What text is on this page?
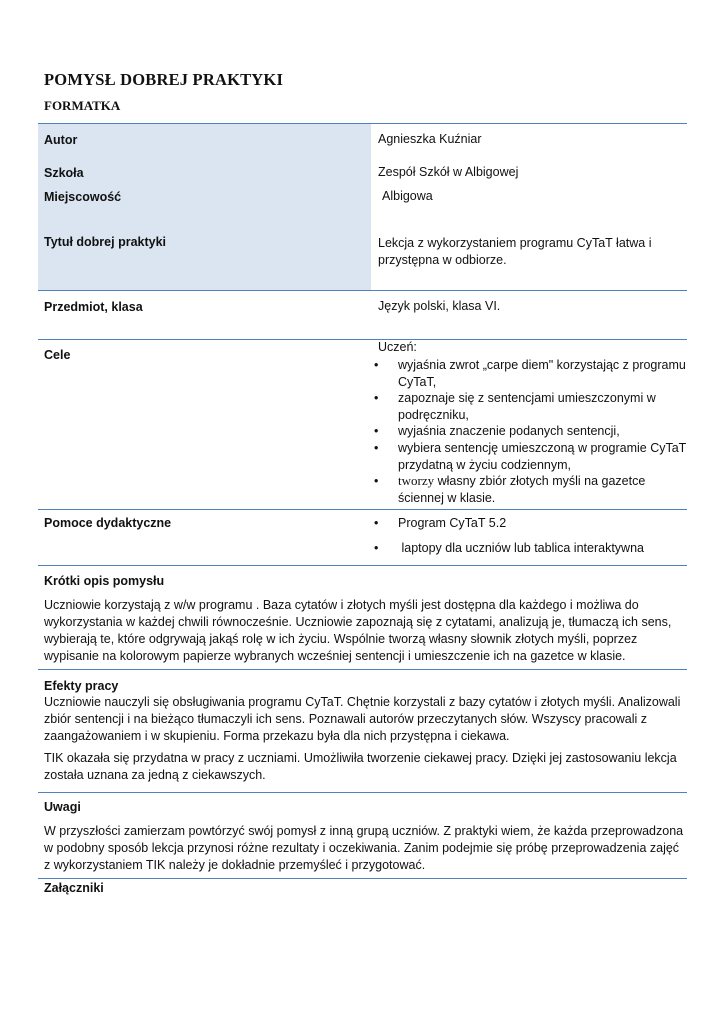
POMYSŁ DOBREJ PRAKTYKI
FORMATKA
Autor	Agnieszka Kuźniar
Szkoła	Zespół Szkół w Albigowej
Miejscowość	Albigowa
Tytuł dobrej praktyki	Lekcja z wykorzystaniem programu CyTaT łatwa i
przystępna w odbiorze.
Przedmiot, klasa	Język polski, klasa VI.
Cele
Uczeń:
• wyjaśnia zwrot „carpe diem" korzystając z programu
CyTaT,
• zapoznaje się z sentencjami umieszczonymi w
podręczniku,
• wyjaśnia znaczenie podanych sentencji,
• wybiera sentencję umieszczoną w programie CyTaT
przydatną w życiu codziennym,
• tworzy własny zbiór złotych myśli na gazetce
ściennej w klasie.
Pomoce dydaktyczne	• Program CyTaT 5.2
• laptopy dla uczniów lub tablica interaktywna
Krótki opis pomysłu
Uczniowie korzystają z w/w programu . Baza cytatów i złotych myśli jest dostępna dla każdego i możliwa do
wykorzystania w każdej chwili równocześnie. Uczniowie zapoznają się z cytatami, analizują je, tłumaczą ich sens,
wybierają te, które odgrywają jakąś rolę w ich życiu. Wspólnie tworzą własny słownik złotych myśli, poprzez
wypisanie na kolorowym papierze wybranych wcześniej sentencji i umieszczenie ich na gazetce w klasie.
Efekty pracy
Uczniowie nauczyli się obsługiwania programu CyTaT. Chętnie korzystali z bazy cytatów i złotych myśli. Analizowali
zbiór sentencji i na bieżąco tłumaczyli ich sens. Poznawali autorów przeczytanych słów. Wszyscy pracowali z
zaangażowaniem i w skupieniu. Forma przekazu była dla nich przystępna i ciekawa.
TIK okazała się przydatna w pracy z uczniami. Umożliwiła tworzenie ciekawej pracy. Dzięki jej zastosowaniu lekcja
została uznana za jedną z ciekawszych.
Uwagi
W przyszłości zamierzam powtórzyć swój pomysł z inną grupą uczniów. Z praktyki wiem, że każda przeprowadzona
w podobny sposób lekcja przynosi różne rezultaty i oczekiwania. Zanim podejmie się próbę przeprowadzenia zajęć
z wykorzystaniem TIK należy je dokładnie przemyśleć i przygotować.
Załączniki
